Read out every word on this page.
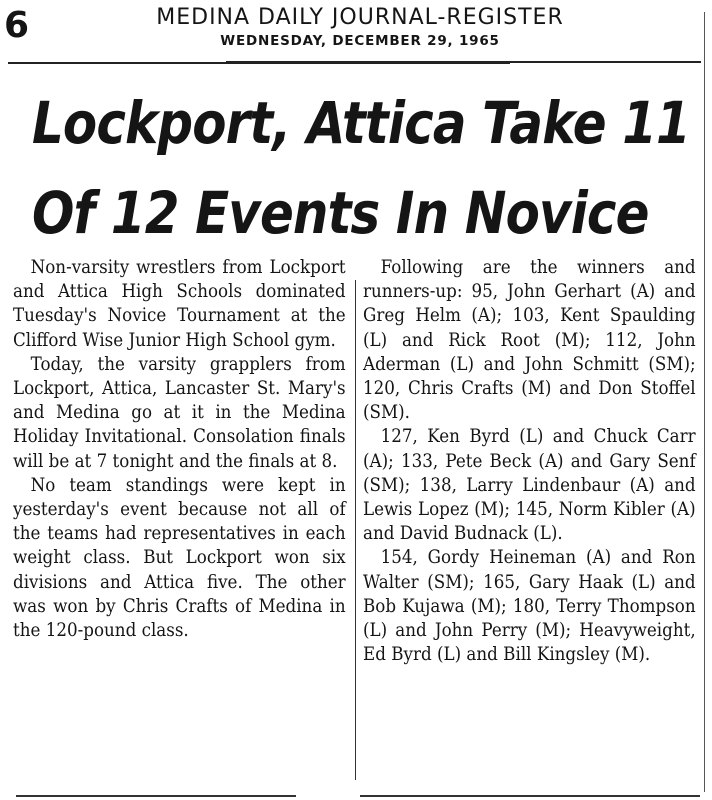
6	MEDINA DAILY JOURNAL-REGISTER
WEDNESDAY, DECEMBER 29, 1965
Lockport, Attica Take 11
Of 12 Events In Novice

Non-varsity wrestlers from Lockport and Attica High Schools dominated Tuesday's Novice Tournament at the Clifford Wise Junior High School gym.

Today, the varsity grapplers from Lockport, Attica, Lancaster St. Mary's and Medina go at it in the Medina Holiday Invitational. Consolation finals will be at 7 tonight and the finals at 8.

No team standings were kept in yesterday's event because not all of the teams had representatives in each weight class. But Lockport won six divisions and Attica five. The other was won by Chris Crafts of Medina in the 120-pound class.

Following are the winners and runners-up: 95, John Gerhart (A) and Greg Helm (A); 103, Kent Spaulding (L) and Rick Root (M); 112, John Aderman (L) and John Schmitt (SM); 120, Chris Crafts (M) and Don Stoffel (SM).

127, Ken Byrd (L) and Chuck Carr (A); 133, Pete Beck (A) and Gary Senf (SM); 138, Larry Lindenbaur (A) and Lewis Lopez (M); 145, Norm Kibler (A) and David Budnack (L).

154, Gordy Heineman (A) and Ron Walter (SM); 165, Gary Haak (L) and Bob Kujawa (M); 180, Terry Thompson (L) and John Perry (M); Heavyweight, Ed Byrd (L) and Bill Kingsley (M).
